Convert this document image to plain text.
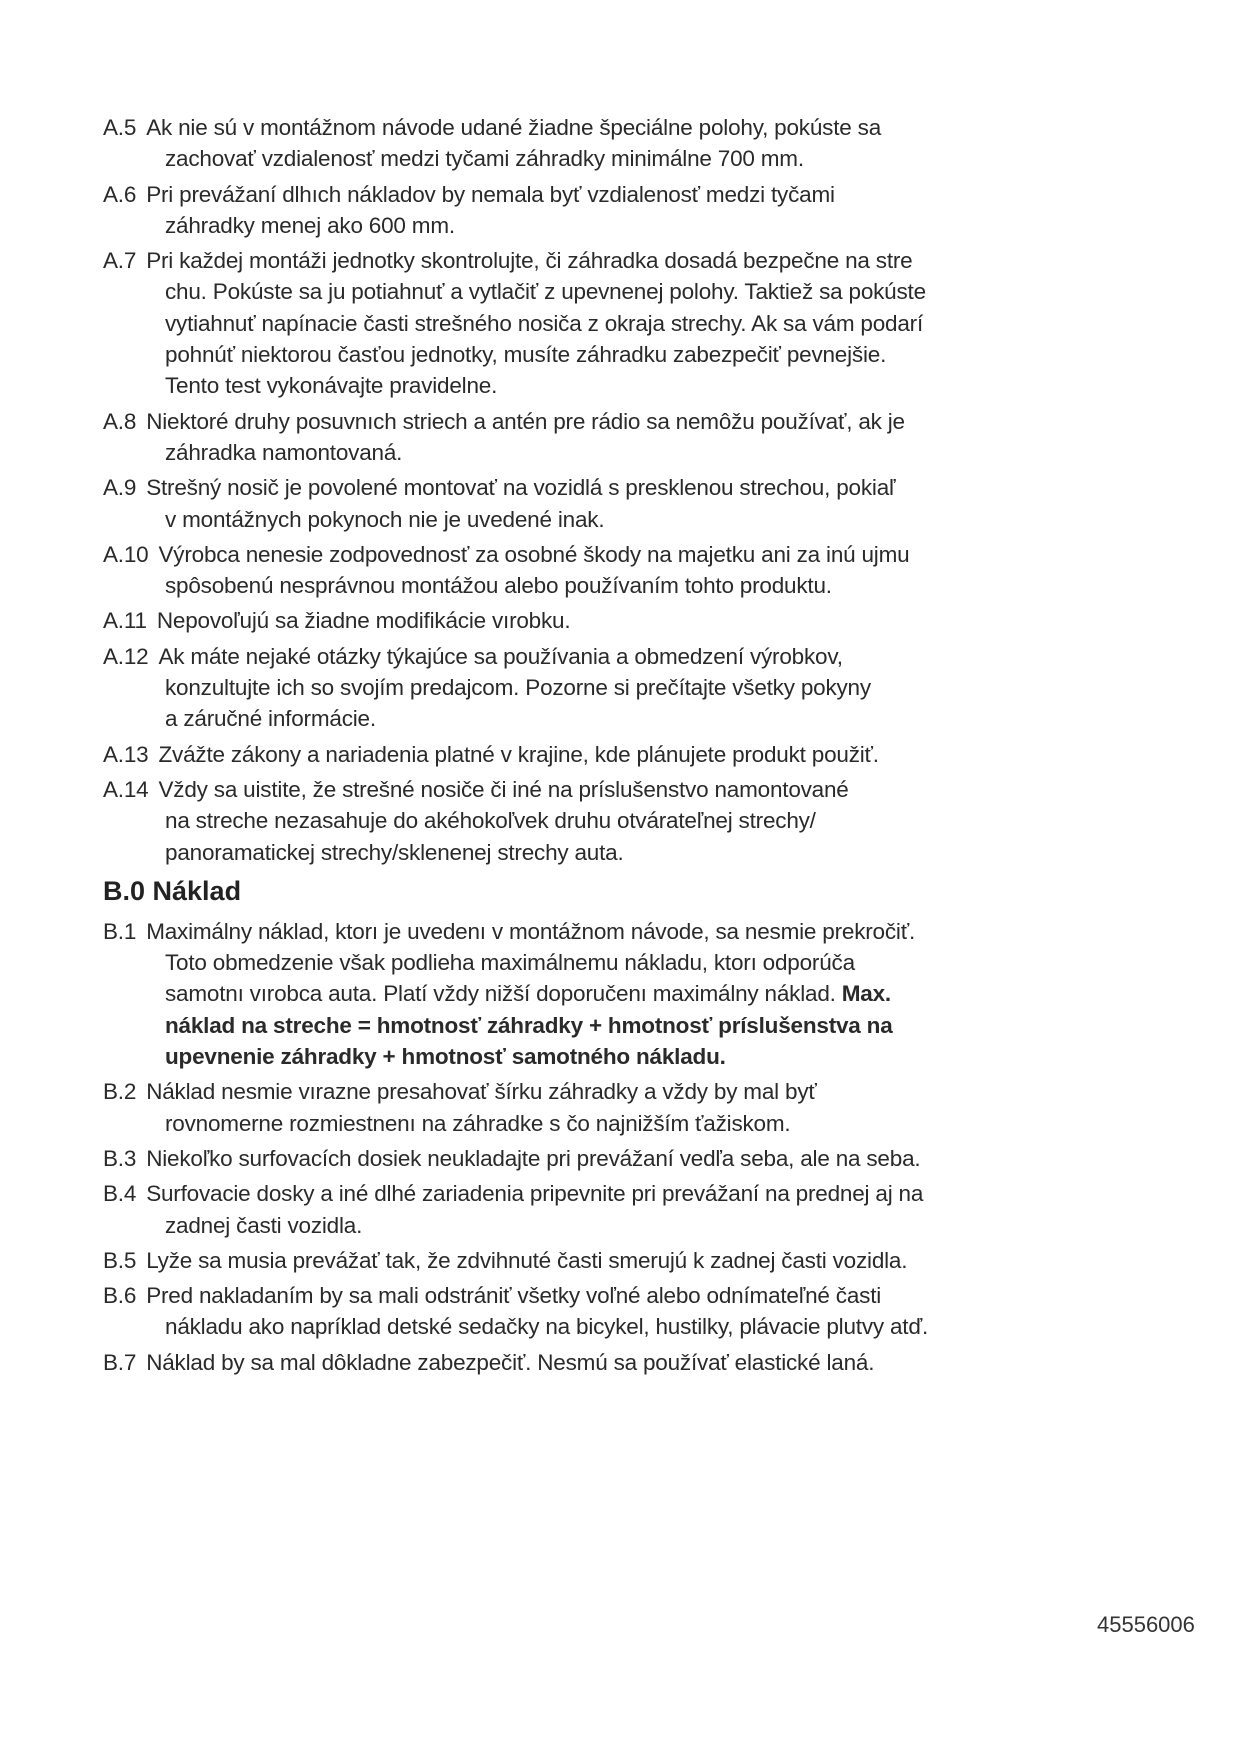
A.5 Ak nie sú v montážnom návode udané žiadne špeciálne polohy, pokúste sa
zachovať vzdialenosť medzi tyčami záhradky minimálne 700 mm.
A.6 Pri prevážaní dlhıch nákladov by nemala byť vzdialenosť medzi tyčami
záhradky menej ako 600 mm.
A.7 Pri každej montáži jednotky skontrolujte, či záhradka dosadá bezpečne na stre
chu. Pokúste sa ju potiahnuť a vytlačiť z upevnenej polohy. Taktiež sa pokúste
vytiahnuť napínacie časti strešného nosiča z okraja strechy. Ak sa vám podarí
pohnúť niektorou časťou jednotky, musíte záhradku zabezpečiť pevnejšie.
Tento test vykonávajte pravidelne.
A.8 Niektoré druhy posuvnıch striech a antén pre rádio sa nemôžu používať, ak je
záhradka namontovaná.
A.9 Strešný nosič je povolené montovať na vozidlá s presklenou strechou, pokiaľ
v montážnych pokynoch nie je uvedené inak.
A.10 Výrobca nenesie zodpovednosť za osobné škody na majetku ani za inú ujmu
spôsobenú nesprávnou montážou alebo používaním tohto produktu.
A.11 Nepovoľujú sa žiadne modifikácie vırobku.
A.12 Ak máte nejaké otázky týkajúce sa používania a obmedzení výrobkov,
konzultujte ich so svojím predajcom. Pozorne si prečítajte všetky pokyny
a záručné informácie.
A.13 Zvážte zákony a nariadenia platné v krajine, kde plánujete produkt použiť.
A.14 Vždy sa uistite, že strešné nosiče či iné na príslušenstvo namontované
na streche nezasahuje do akéhokoľvek druhu otvárateľnej strechy/
panoramatickej strechy/sklenenej strechy auta.
B.0 Náklad
B.1 Maximálny náklad, ktorı je uvedenı v montážnom návode, sa nesmie prekročiť.
Toto obmedzenie však podlieha maximálnemu nákladu, ktorı odporúča
samotnı vırobca auta. Platí vždy nižší doporučenı maximálny náklad. Max.
náklad na streche = hmotnosť záhradky + hmotnosť príslušenstva na
upevnenie záhradky + hmotnosť samotného nákladu.
B.2 Náklad nesmie vırazne presahovať šírku záhradky a vždy by mal byť
rovnomerne rozmiestnenı na záhradke s čo najnižším ťažiskom.
B.3 Niekoľko surfovacích dosiek neukladajte pri prevážaní vedľa seba, ale na seba.
B.4 Surfovacie dosky a iné dlhé zariadenia pripevnite pri prevážaní na prednej aj na
zadnej časti vozidla.
B.5 Lyže sa musia prevážať tak, že zdvihnuté časti smerujú k zadnej časti vozidla.
B.6 Pred nakladaním by sa mali odstrániť všetky voľné alebo odnímateľné časti
nákladu ako napríklad detské sedačky na bicykel, hustilky, plávacie plutvy atď.
B.7 Náklad by sa mal dôkladne zabezpečiť. Nesmú sa používať elastické laná.
45556006
